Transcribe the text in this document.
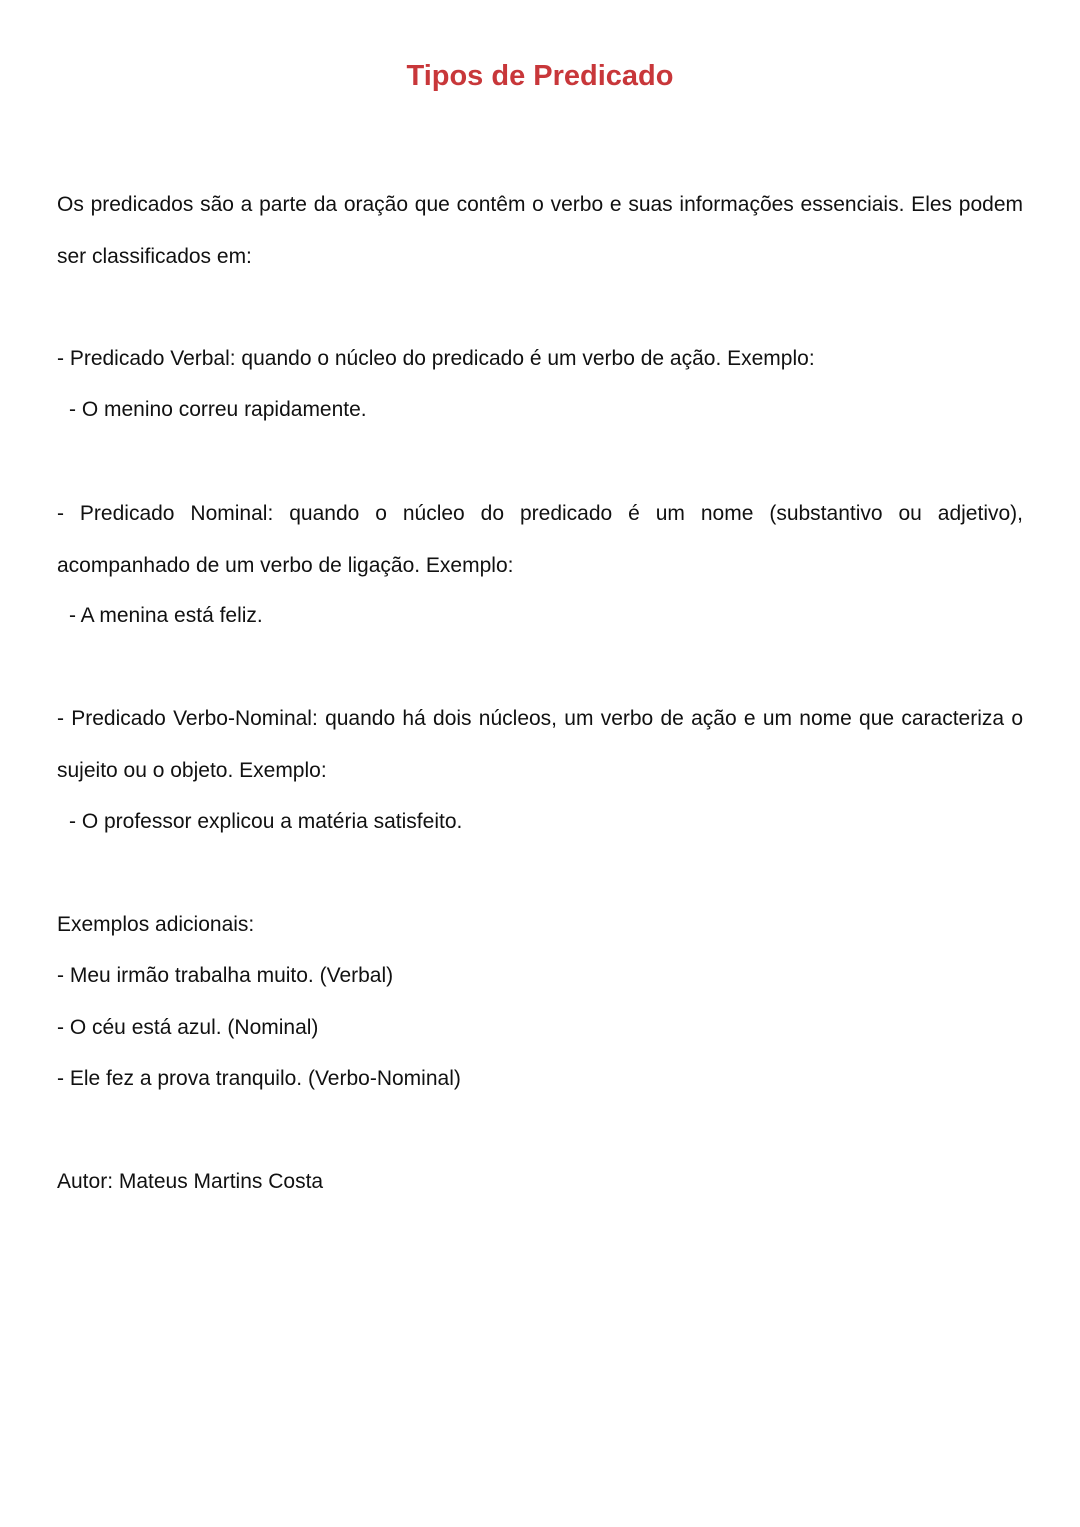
Tipos de Predicado

Os predicados são a parte da oração que contêm o verbo e suas informações essenciais. Eles podem ser classificados em:

- Predicado Verbal: quando o núcleo do predicado é um verbo de ação. Exemplo:

- O menino correu rapidamente.

- Predicado Nominal: quando o núcleo do predicado é um nome (substantivo ou adjetivo), acompanhado de um verbo de ligação. Exemplo:

- A menina está feliz.

- Predicado Verbo-Nominal: quando há dois núcleos, um verbo de ação e um nome que caracteriza o sujeito ou o objeto. Exemplo:

- O professor explicou a matéria satisfeito.

Exemplos adicionais:

- Meu irmão trabalha muito. (Verbal)

- O céu está azul. (Nominal)

- Ele fez a prova tranquilo. (Verbo-Nominal)

Autor: Mateus Martins Costa
